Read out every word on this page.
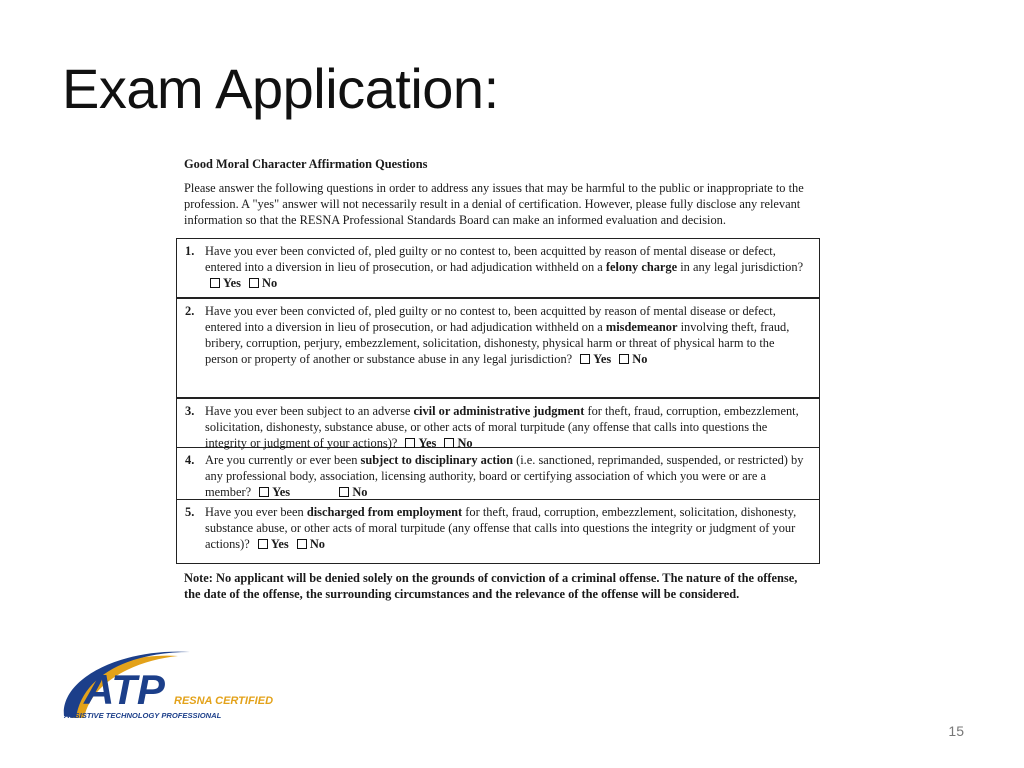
Exam Application:
Good Moral Character Affirmation Questions
Please answer the following questions in order to address any issues that may be harmful to the public or inappropriate to the profession. A "yes" answer will not necessarily result in a denial of certification. However, please fully disclose any relevant information so that the RESNA Professional Standards Board can make an informed evaluation and decision.
1. Have you ever been convicted of, pled guilty or no contest to, been acquitted by reason of mental disease or defect, entered into a diversion in lieu of prosecution, or had adjudication withheld on a felony charge in any legal jurisdiction? Yes No
2. Have you ever been convicted of, pled guilty or no contest to, been acquitted by reason of mental disease or defect, entered into a diversion in lieu of prosecution, or had adjudication withheld on a misdemeanor involving theft, fraud, bribery, corruption, perjury, embezzlement, solicitation, dishonesty, physical harm or threat of physical harm to the person or property of another or substance abuse in any legal jurisdiction? Yes No
3. Have you ever been subject to an adverse civil or administrative judgment for theft, fraud, corruption, embezzlement, solicitation, dishonesty, substance abuse, or other acts of moral turpitude (any offense that calls into questions the integrity or judgment of your actions)? Yes No
4. Are you currently or ever been subject to disciplinary action (i.e. sanctioned, reprimanded, suspended, or restricted) by any professional body, association, licensing authority, board or certifying association of which you were or are a member? Yes	No
5. Have you ever been discharged from employment for theft, fraud, corruption, embezzlement, solicitation, dishonesty, substance abuse, or other acts of moral turpitude (any offense that calls into questions the integrity or judgment of your actions)? Yes No
Note: No applicant will be denied solely on the grounds of conviction of a criminal offense. The nature of the offense, the date of the offense, the surrounding circumstances and the relevance of the offense will be considered.
ATP RESNA CERTIFIED
ASSISTIVE TECHNOLOGY PROFESSIONAL
15
